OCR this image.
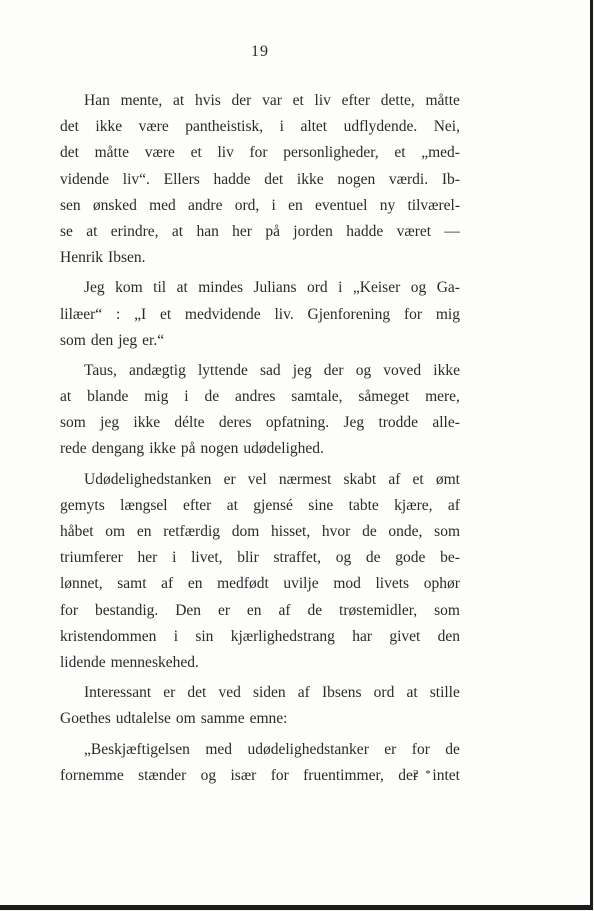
19
Han mente, at hvis der var et liv efter dette, måtte
det ikke være pantheistisk, i altet udflydende. Nei,
det måtte være et liv for personligheder, et „med-
vidende liv“. Ellers hadde det ikke nogen værdi. Ib-
sen ønsked med andre ord, i en eventuel ny tilværel-
se at erindre, at han her på jorden hadde været —
Henrik Ibsen.
Jeg kom til at mindes Julians ord i „Keiser og Ga-
lilæer“ : „I et medvidende liv. Gjenforening for mig
som den jeg er.“
Taus, andægtig lyttende sad jeg der og voved ikke
at blande mig i de andres samtale, såmeget mere,
som jeg ikke délte deres opfatning. Jeg trodde alle-
rede dengang ikke på nogen udødelighed.
Udødelighedstanken er vel nærmest skabt af et ømt
gemyts længsel efter at gjensé sine tabte kjære, af
håbet om en retfærdig dom hisset, hvor de onde, som
triumferer her i livet, blir straffet, og de gode be-
lønnet, samt af en medfødt uvilje mod livets ophør
for bestandig. Den er en af de trøstemidler, som
kristendommen i sin kjærlighedstrang har givet den
lidende menneskehed.
Interessant er det ved siden af Ibsens ord at stille
Goethes udtalelse om samme emne:
„Beskjæftigelsen med udødelighedstanker er for de
fornemme stænder og især for fruentimmer, der intet
2 *
